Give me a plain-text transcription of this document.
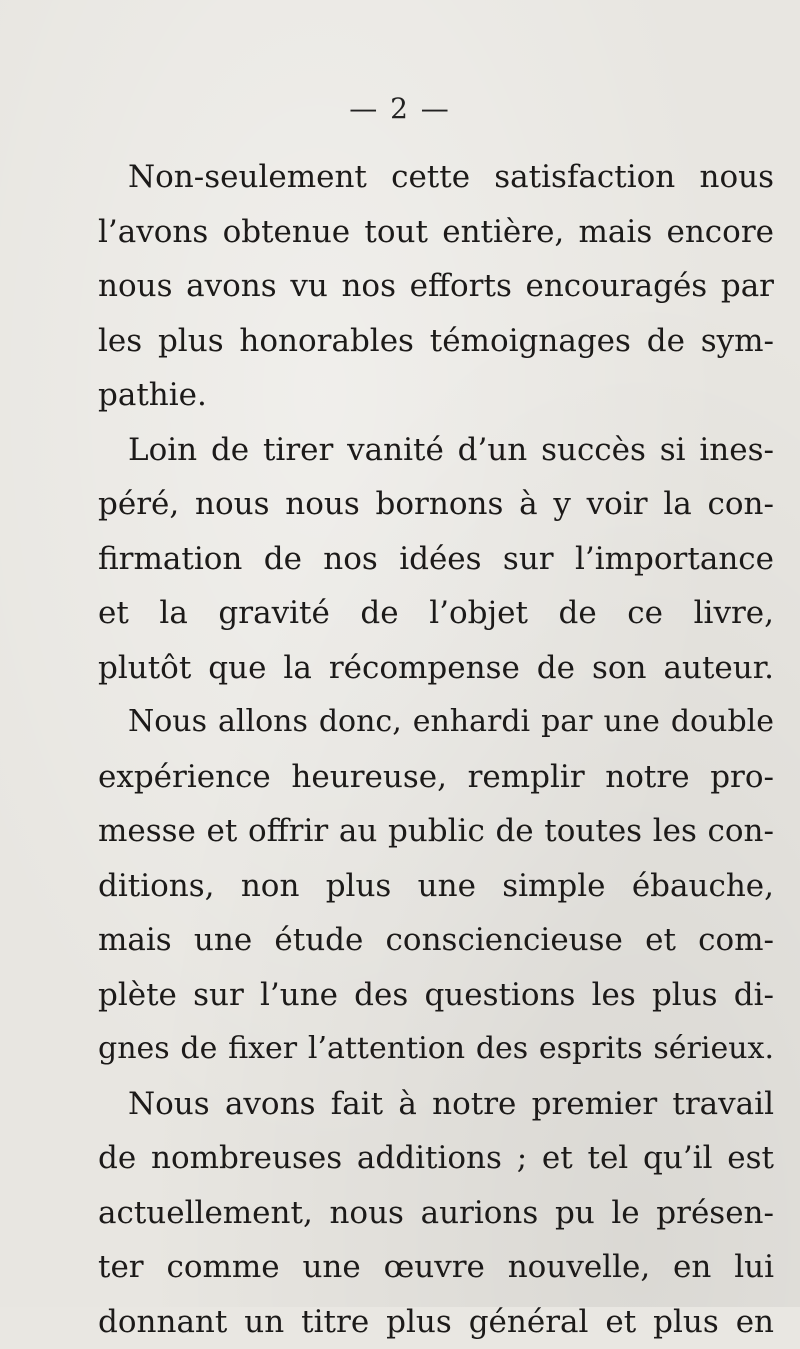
— 2 —
Non-seulement cette satisfaction nous
l’avons obtenue tout entière, mais encore
nous avons vu nos efforts encouragés par
les plus honorables témoignages de sym-
pathie.
Loin de tirer vanité d’un succès si ines-
péré, nous nous bornons à y voir la con-
firmation de nos idées sur l’importance
et la gravité de l’objet de ce livre,
plutôt que la récompense de son auteur.
Nous allons donc, enhardi par une double
expérience heureuse, remplir notre pro-
messe et offrir au public de toutes les con-
ditions, non plus une simple ébauche,
mais une étude consciencieuse et com-
plète sur l’une des questions les plus di-
gnes de fixer l’attention des esprits sérieux.
Nous avons fait à notre premier travail
de nombreuses additions ; et tel qu’il est
actuellement, nous aurions pu le présen-
ter comme une œuvre nouvelle, en lui
donnant un titre plus général et plus en
